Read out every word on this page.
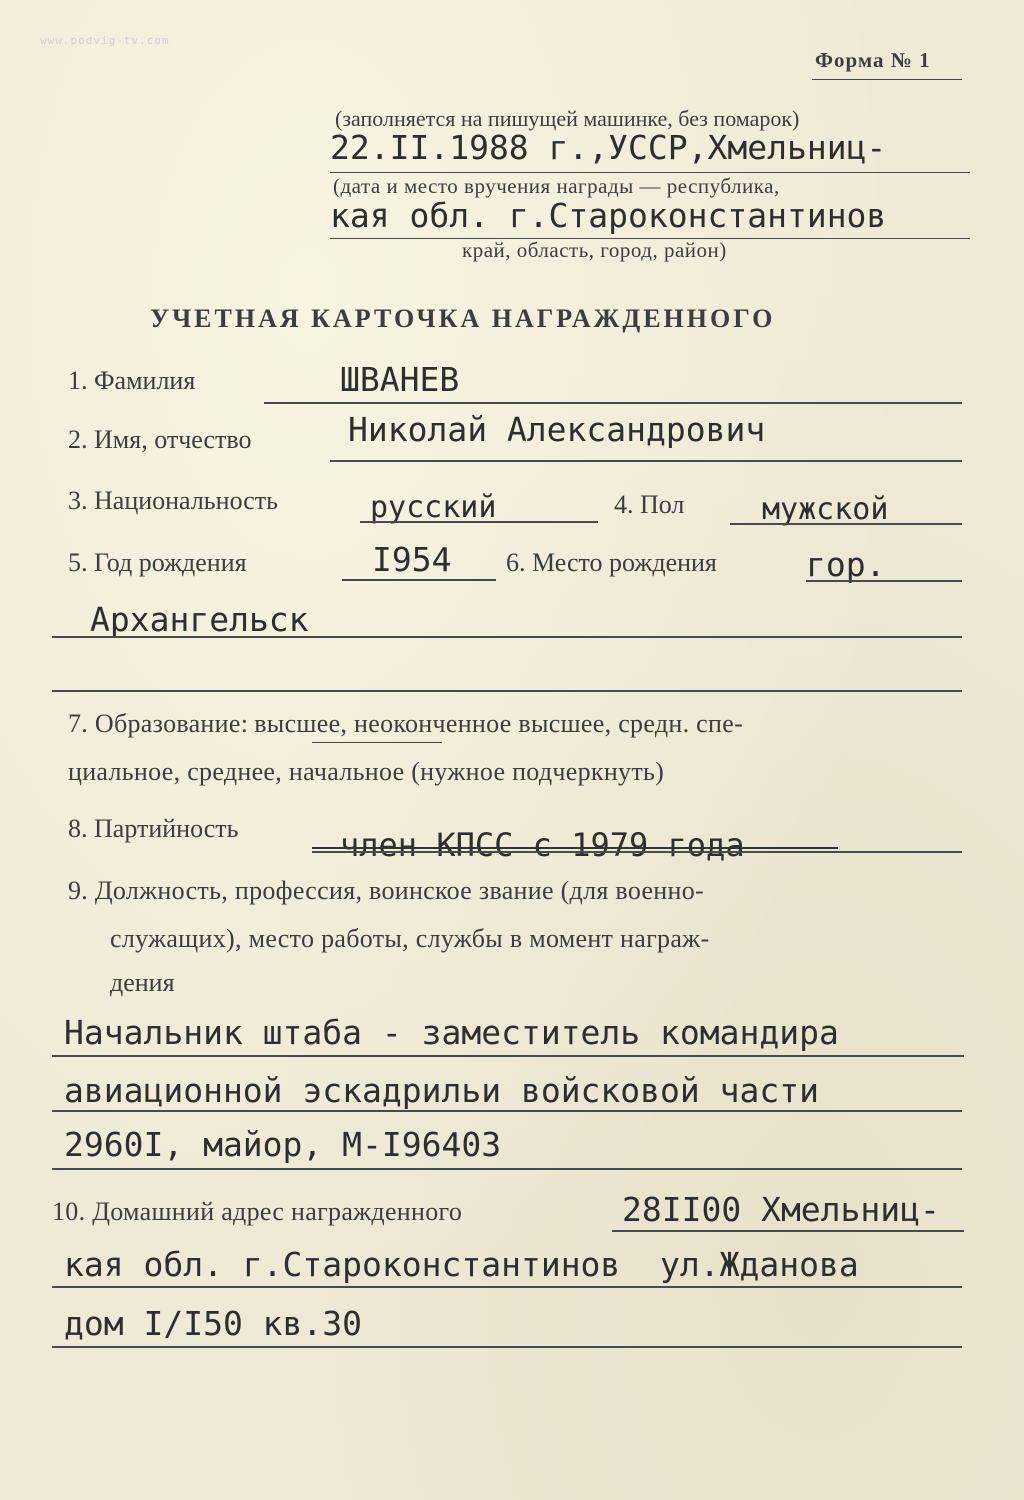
www.podvig-tv.com
Форма № 1
(заполняется на пишущей машинке, без помарок)
22.II.1988 г.,УССР,Хмельниц-
(дата и место вручения награды — республика,
кая обл. г.Староконстантинов
край, область, город, район)
УЧЕТНАЯ КАРТОЧКА НАГРАЖДЕННОГО
1. Фамилия	ШВАНЕВ
2. Имя, отчество	Николай Александрович
3. Национальность	русский	4. Пол	мужской
5. Год рождения	I954 6. Место рождения	гор.
Архангельск
7. Образование: высшее, неоконченное высшее, средн. спе-
циальное, среднее, начальное (нужное подчеркнуть)
8. Партийность	член КПСС с 1979 года
9. Должность, профессия, воинское звание (для военно-
служащих), место работы, службы в момент награж-
дения
Начальник штаба - заместитель командира
авиационной эскадрильи войсковой части
2960I, майор, М-I96403
10. Домашний адрес награжденного	28II00 Хмельниц-
кая обл. г.Староконстантинов  ул.Жданова
дом I/I50 кв.30
